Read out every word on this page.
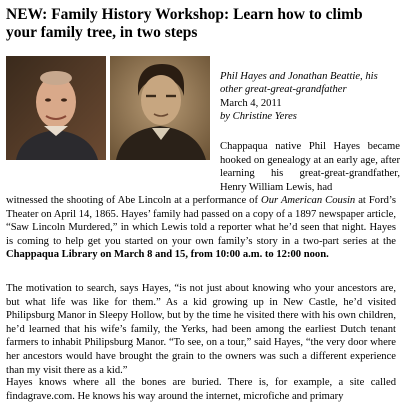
NEW: Family History Workshop: Learn how to climb your family tree, in two steps
Phil Hayes and Jonathan Beattie, his other great-great-grandfather
March 4, 2011
by Christine Yeres
Chappaqua native Phil Hayes became hooked on genealogy at an early age, after learning his great-great-grandfather, Henry William Lewis, had
witnessed the shooting of Abe Lincoln at a performance of Our American Cousin at Ford’s Theater on April 14, 1865. Hayes’ family had passed on a copy of a 1897 newspaper article, “Saw Lincoln Murdered,” in which Lewis told a reporter what he’d seen that night. Hayes is coming to help get you started on your own family’s story in a two-part series at the Chappaqua Library on March 8 and 15, from 10:00 a.m. to 12:00 noon.
The motivation to search, says Hayes, “is not just about knowing who your ancestors are, but what life was like for them.” As a kid growing up in New Castle, he’d visited Philipsburg Manor in Sleepy Hollow, but by the time he visited there with his own children, he’d learned that his wife’s family, the Yerks, had been among the earliest Dutch tenant farmers to inhabit Philipsburg Manor. “To see, on a tour,” said Hayes, “the very door where her ancestors would have brought the grain to the owners was such a different experience than my visit there as a kid.”
Hayes knows where all the bones are buried. There is, for example, a site called findagrave.com. He knows his way around the internet, microfiche and primary
